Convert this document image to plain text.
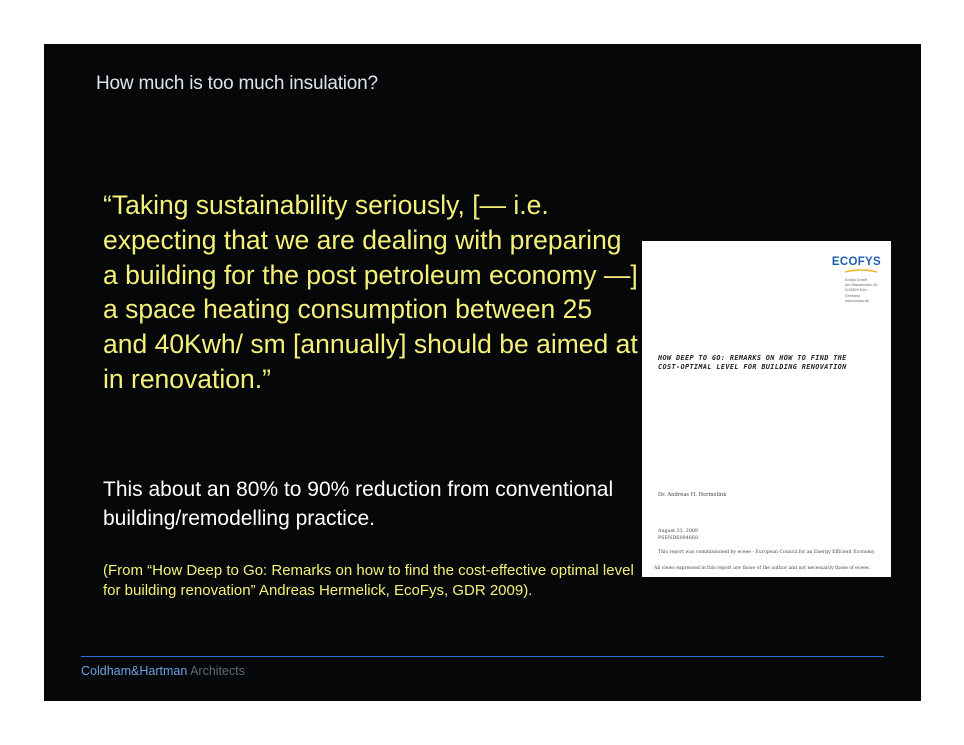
How much is too much insulation?

“Taking sustainability seriously, [— i.e. expecting that we are dealing with preparing a building for the post petroleum economy —] a space heating consumption between 25 and 40Kwh/ sm [annually] should be aimed at in renovation.”

This about an 80% to 90% reduction from conventional building/remodelling practice.

(From “How Deep to Go: Remarks on how to find the cost-effective optimal level for building renovation” Andreas Hermelick, EcoFys, GDR 2009).

ECOFYS
Ecofys GmbH
Am Wassermann 36
D-50829 Köln
Germany
www.ecofys.de
HOW DEEP TO GO: REMARKS ON HOW TO FIND THE COST-OPTIMAL LEVEL FOR BUILDING RENOVATION
Dr. Andreas H. Hermelink
August 31, 2009
PSENDE084668
This report was commissioned by eceee - European Council for an Energy Efficient Economy
All views expressed in this report are those of the author and not necessarily those of eceee.
Coldham&Hartman Architects
